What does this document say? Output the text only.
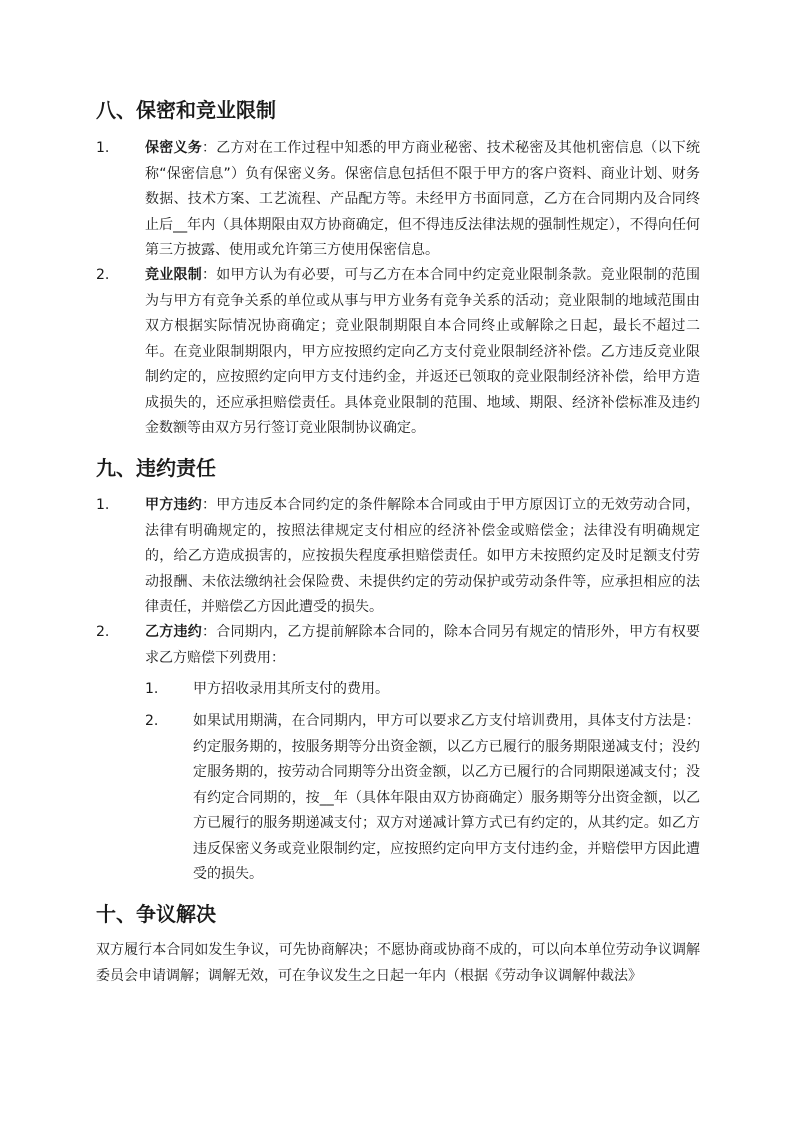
八、保密和竞业限制
1.	保密义务：乙方对在工作过程中知悉的甲方商业秘密、技术秘密及其他机密信息（以下统称“保密信息”）负有保密义务。保密信息包括但不限于甲方的客户资料、商业计划、财务数据、技术方案、工艺流程、产品配方等。未经甲方书面同意，乙方在合同期内及合同终止后__年内（具体期限由双方协商确定，但不得违反法律法规的强制性规定），不得向任何第三方披露、使用或允许第三方使用保密信息。

2.	竞业限制：如甲方认为有必要，可与乙方在本合同中约定竞业限制条款。竞业限制的范围为与甲方有竞争关系的单位或从事与甲方业务有竞争关系的活动；竞业限制的地域范围由双方根据实际情况协商确定；竞业限制期限自本合同终止或解除之日起，最长不超过二年。在竞业限制期限内，甲方应按照约定向乙方支付竞业限制经济补偿。乙方违反竞业限制约定的，应按照约定向甲方支付违约金，并返还已领取的竞业限制经济补偿，给甲方造成损失的，还应承担赔偿责任。具体竞业限制的范围、地域、期限、经济补偿标准及违约金数额等由双方另行签订竞业限制协议确定。

九、违约责任
1.	甲方违约：甲方违反本合同约定的条件解除本合同或由于甲方原因订立的无效劳动合同，法律有明确规定的，按照法律规定支付相应的经济补偿金或赔偿金；法律没有明确规定的，给乙方造成损害的，应按损失程度承担赔偿责任。如甲方未按照约定及时足额支付劳动报酬、未依法缴纳社会保险费、未提供约定的劳动保护或劳动条件等，应承担相应的法律责任，并赔偿乙方因此遭受的损失。

2.	乙方违约：合同期内，乙方提前解除本合同的，除本合同另有规定的情形外，甲方有权要求乙方赔偿下列费用：

1. 甲方招收录用其所支付的费用。

2. 如果试用期满，在合同期内，甲方可以要求乙方支付培训费用，具体支付方法是：约定服务期的，按服务期等分出资金额，以乙方已履行的服务期限递减支付；没约定服务期的，按劳动合同期等分出资金额，以乙方已履行的合同期限递减支付；没有约定合同期的，按__年（具体年限由双方协商确定）服务期等分出资金额，以乙方已履行的服务期递减支付；双方对递减计算方式已有约定的，从其约定。如乙方违反保密义务或竞业限制约定，应按照约定向甲方支付违约金，并赔偿甲方因此遭受的损失。

十、争议解决

双方履行本合同如发生争议，可先协商解决；不愿协商或协商不成的，可以向本单位劳动争议调解委员会申请调解；调解无效，可在争议发生之日起一年内（根据《劳动争议调解仲裁法》
